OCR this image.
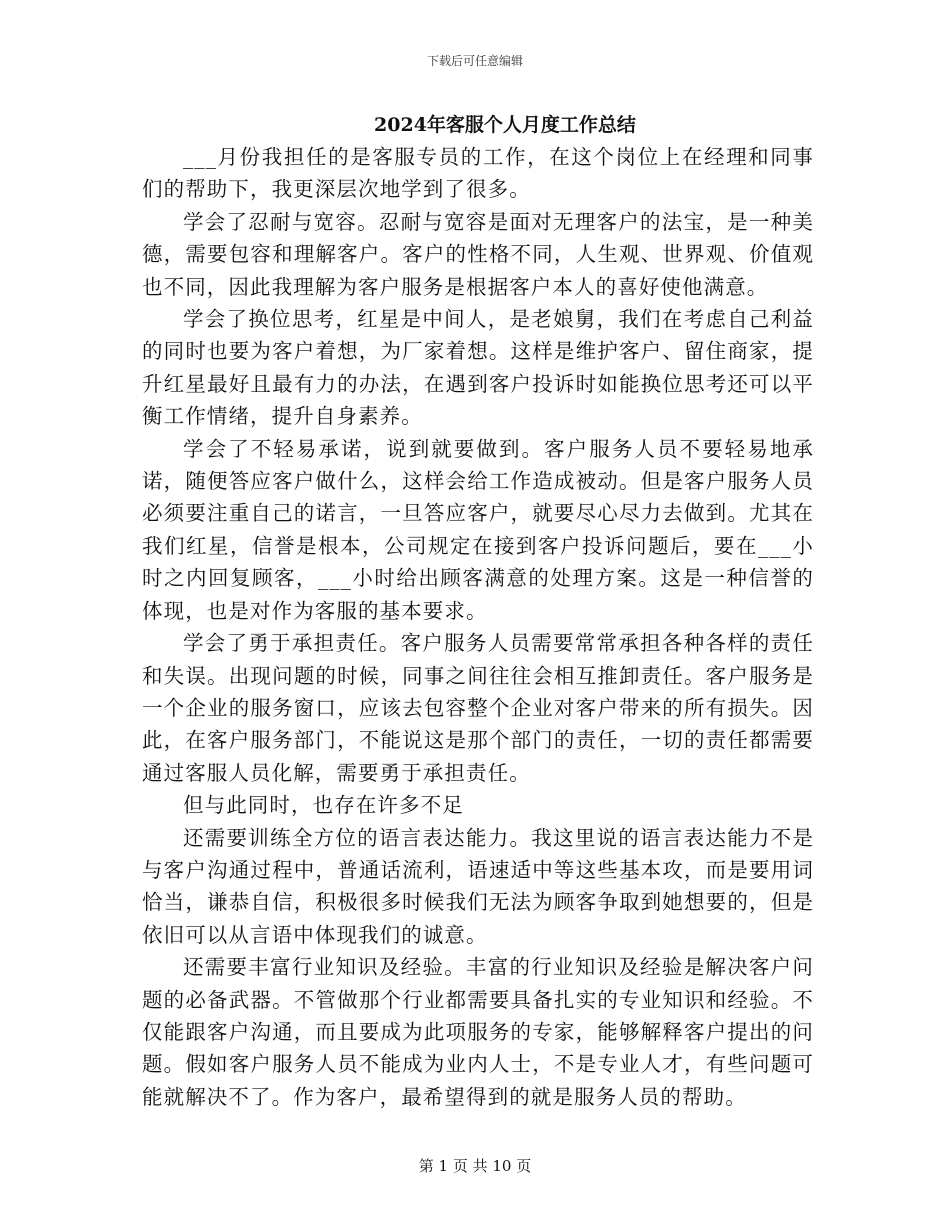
下载后可任意编辑
2024年客服个人月度工作总结

___月份我担任的是客服专员的工作，在这个岗位上在经理和同事们的帮助下，我更深层次地学到了很多。

学会了忍耐与宽容。忍耐与宽容是面对无理客户的法宝，是一种美德，需要包容和理解客户。客户的性格不同，人生观、世界观、价值观也不同，因此我理解为客户服务是根据客户本人的喜好使他满意。

学会了换位思考，红星是中间人，是老娘舅，我们在考虑自己利益的同时也要为客户着想，为厂家着想。这样是维护客户、留住商家，提升红星最好且最有力的办法，在遇到客户投诉时如能换位思考还可以平衡工作情绪，提升自身素养。

学会了不轻易承诺，说到就要做到。客户服务人员不要轻易地承诺，随便答应客户做什么，这样会给工作造成被动。但是客户服务人员必须要注重自己的诺言，一旦答应客户，就要尽心尽力去做到。尤其在我们红星，信誉是根本，公司规定在接到客户投诉问题后，要在___小时之内回复顾客，___小时给出顾客满意的处理方案。这是一种信誉的体现，也是对作为客服的基本要求。

学会了勇于承担责任。客户服务人员需要常常承担各种各样的责任和失误。出现问题的时候，同事之间往往会相互推卸责任。客户服务是一个企业的服务窗口，应该去包容整个企业对客户带来的所有损失。因此，在客户服务部门，不能说这是那个部门的责任，一切的责任都需要通过客服人员化解，需要勇于承担责任。

但与此同时，也存在许多不足

还需要训练全方位的语言表达能力。我这里说的语言表达能力不是与客户沟通过程中，普通话流利，语速适中等这些基本攻，而是要用词恰当，谦恭自信，积极很多时候我们无法为顾客争取到她想要的，但是依旧可以从言语中体现我们的诚意。

还需要丰富行业知识及经验。丰富的行业知识及经验是解决客户问题的必备武器。不管做那个行业都需要具备扎实的专业知识和经验。不仅能跟客户沟通，而且要成为此项服务的专家，能够解释客户提出的问题。假如客户服务人员不能成为业内人士，不是专业人才，有些问题可能就解决不了。作为客户，最希望得到的就是服务人员的帮助。

第 1 页 共 10 页
